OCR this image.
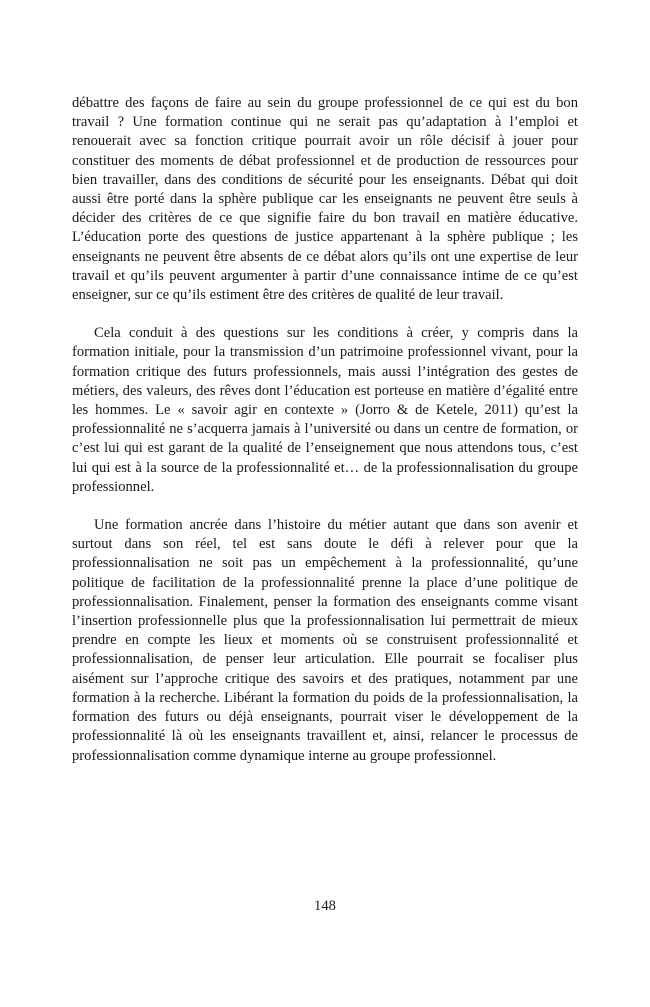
débattre des façons de faire au sein du groupe professionnel de ce qui est du bon travail ? Une formation continue qui ne serait pas qu’adaptation à l’emploi et renouerait avec sa fonction critique pourrait avoir un rôle décisif à jouer pour constituer des moments de débat professionnel et de production de ressources pour bien travailler, dans des conditions de sécurité pour les enseignants. Débat qui doit aussi être porté dans la sphère publique car les enseignants ne peuvent être seuls à décider des critères de ce que signifie faire du bon travail en matière éducative. L’éducation porte des questions de justice appartenant à la sphère publique ; les enseignants ne peuvent être absents de ce débat alors qu’ils ont une expertise de leur travail et qu’ils peuvent argumenter à partir d’une connaissance intime de ce qu’est enseigner, sur ce qu’ils estiment être des critères de qualité de leur travail.

Cela conduit à des questions sur les conditions à créer, y compris dans la formation initiale, pour la transmission d’un patrimoine professionnel vivant, pour la formation critique des futurs professionnels, mais aussi l’intégration des gestes de métiers, des valeurs, des rêves dont l’éducation est porteuse en matière d’égalité entre les hommes. Le « savoir agir en contexte » (Jorro & de Ketele, 2011) qu’est la professionnalité ne s’acquerra jamais à l’université ou dans un centre de formation, or c’est lui qui est garant de la qualité de l’enseignement que nous attendons tous, c’est lui qui est à la source de la professionnalité et… de la professionnalisation du groupe professionnel.

Une formation ancrée dans l’histoire du métier autant que dans son avenir et surtout dans son réel, tel est sans doute le défi à relever pour que la professionnalisation ne soit pas un empêchement à la professionnalité, qu’une politique de facilitation de la professionnalité prenne la place d’une politique de professionnalisation. Finalement, penser la formation des enseignants comme visant l’insertion professionnelle plus que la professionnalisation lui permettrait de mieux prendre en compte les lieux et moments où se construisent professionnalité et professionnalisation, de penser leur articulation. Elle pourrait se focaliser plus aisément sur l’approche critique des savoirs et des pratiques, notamment par une formation à la recherche. Libérant la formation du poids de la professionnalisation, la formation des futurs ou déjà enseignants, pourrait viser le développement de la professionnalité là où les enseignants travaillent et, ainsi, relancer le processus de professionnalisation comme dynamique interne au groupe professionnel.

148
